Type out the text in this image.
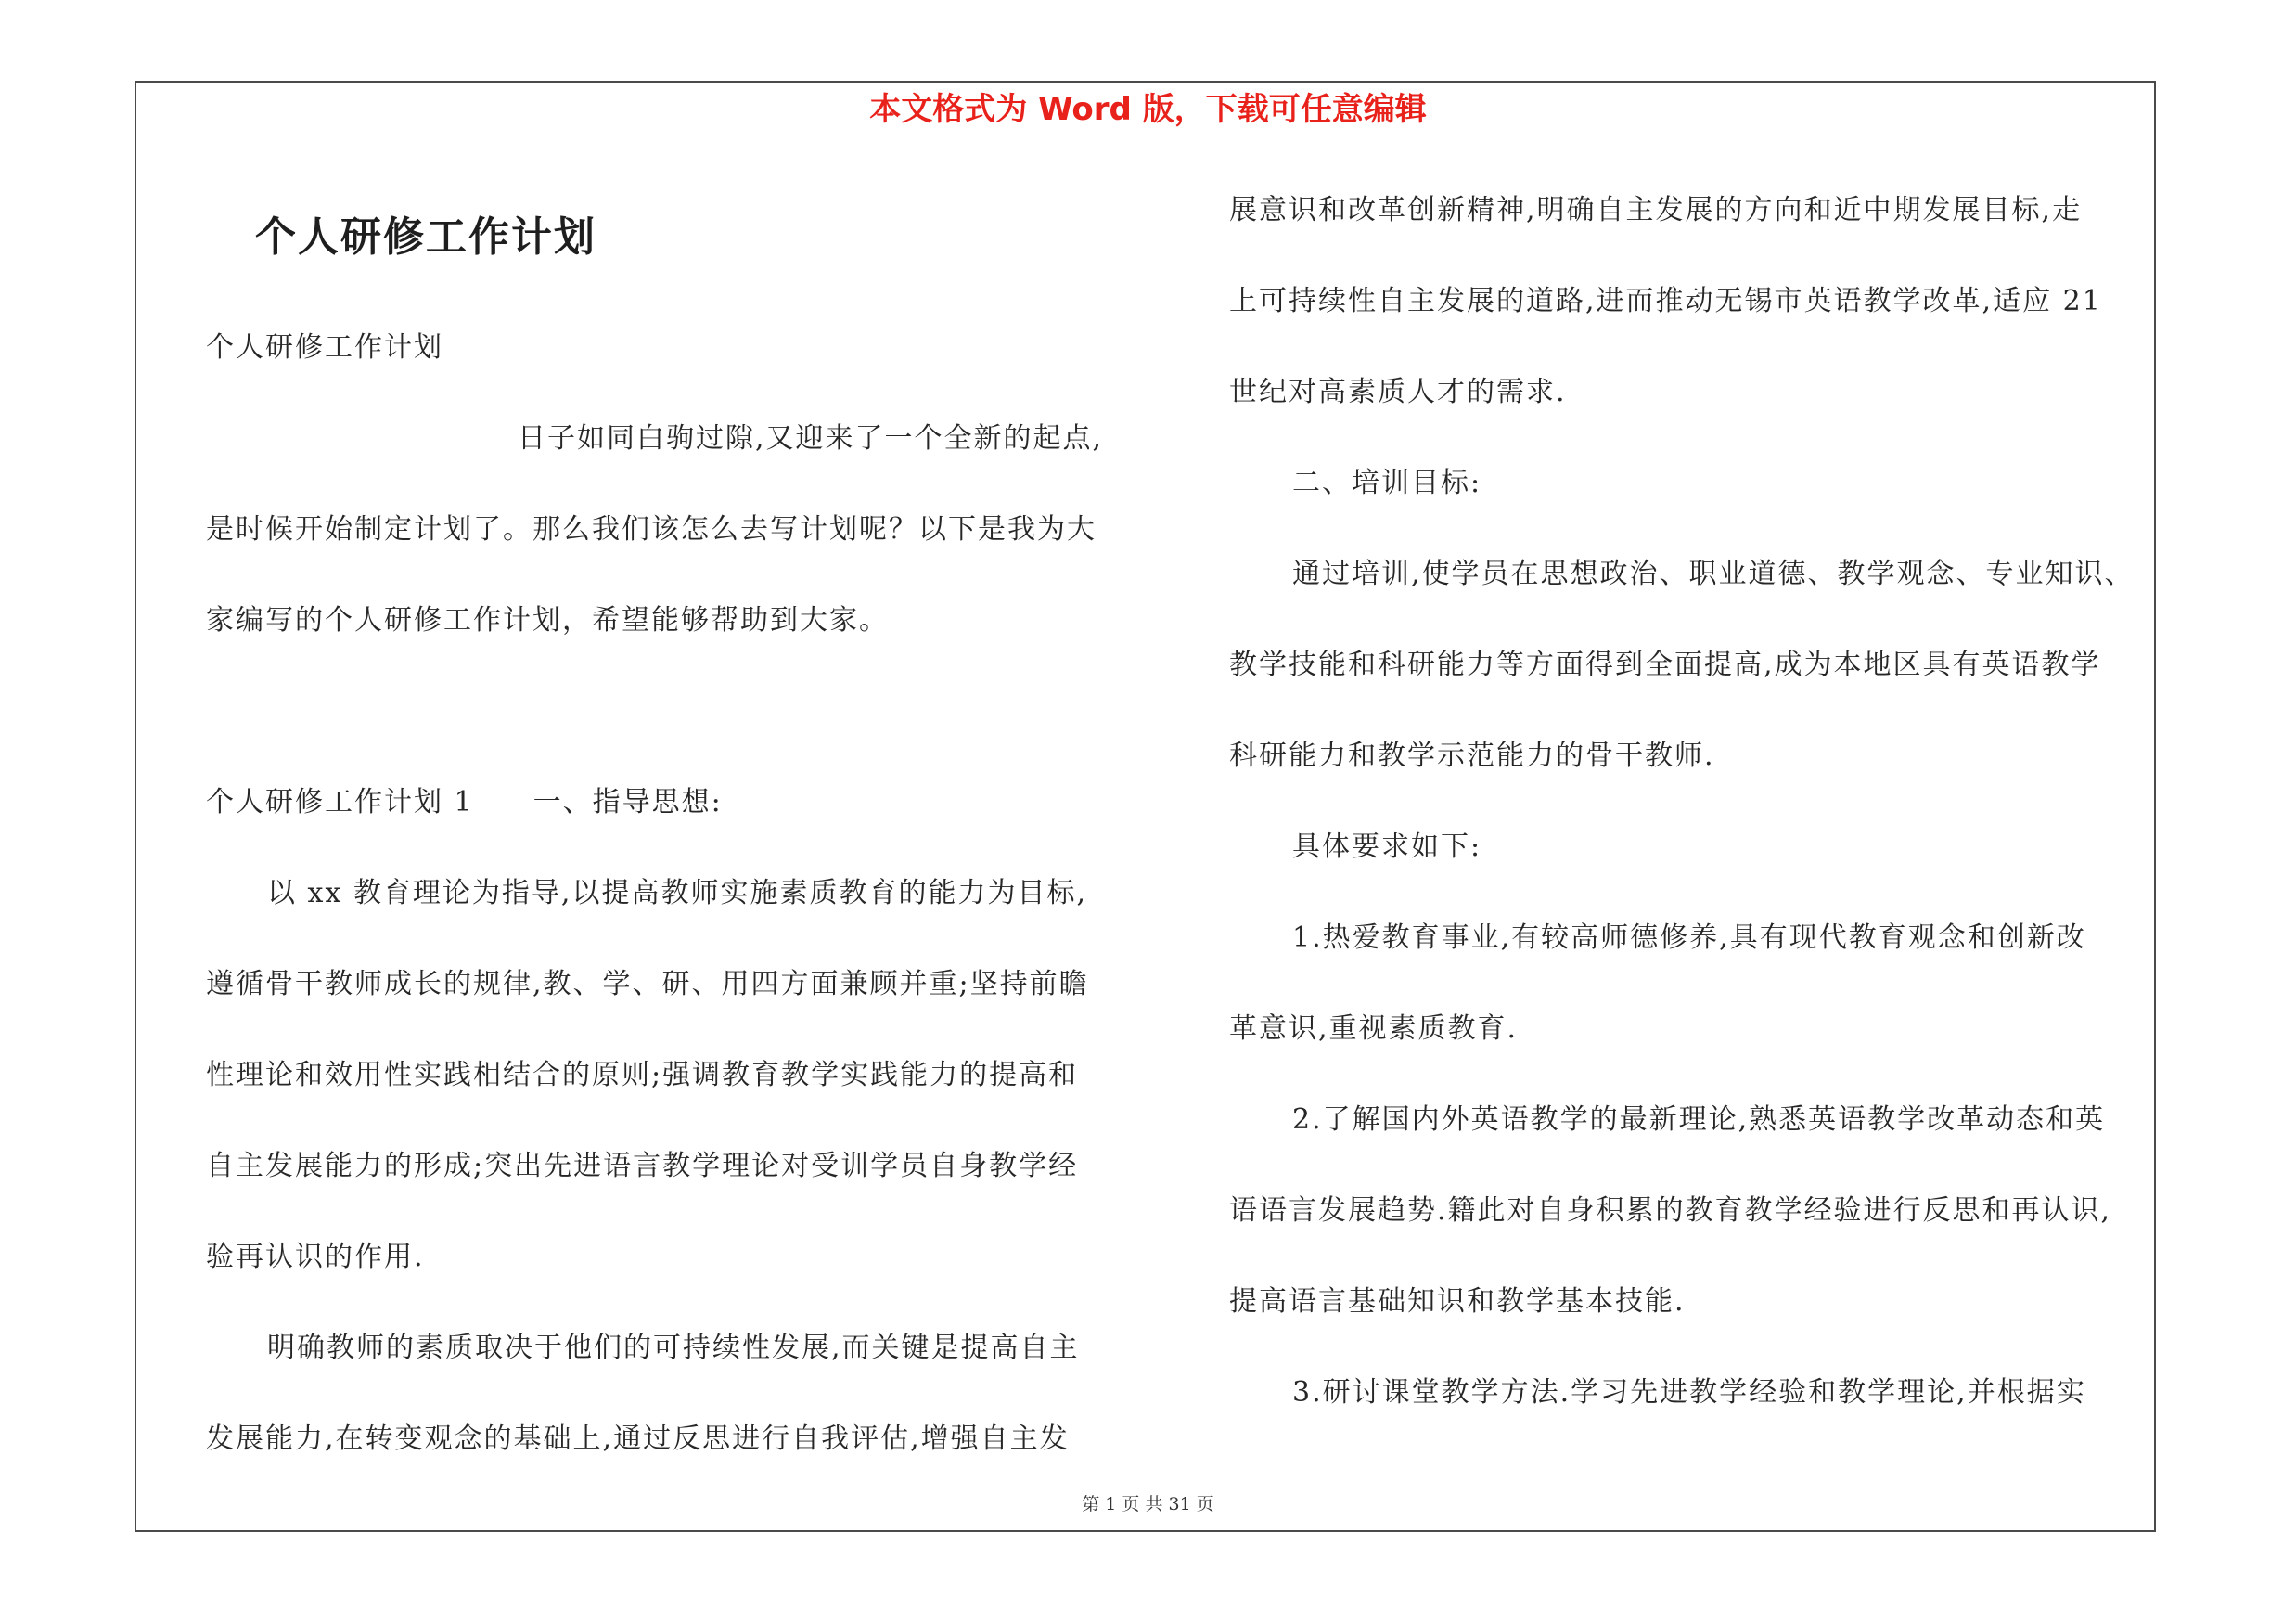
本文格式为 Word 版，下载可任意编辑
个人研修工作计划
个人研修工作计划
日子如同白驹过隙,又迎来了一个全新的起点,
是时候开始制定计划了。那么我们该怎么去写计划呢？以下是我为大
家编写的个人研修工作计划，希望能够帮助到大家。
个人研修工作计划 1　　一、指导思想:
以 xx 教育理论为指导,以提高教师实施素质教育的能力为目标,
遵循骨干教师成长的规律,教、学、研、用四方面兼顾并重;坚持前瞻
性理论和效用性实践相结合的原则;强调教育教学实践能力的提高和
自主发展能力的形成;突出先进语言教学理论对受训学员自身教学经
验再认识的作用.
明确教师的素质取决于他们的可持续性发展,而关键是提高自主
发展能力,在转变观念的基础上,通过反思进行自我评估,增强自主发
展意识和改革创新精神,明确自主发展的方向和近中期发展目标,走
上可持续性自主发展的道路,进而推动无锡市英语教学改革,适应 21
世纪对高素质人才的需求.
二、培训目标:
通过培训,使学员在思想政治、职业道德、教学观念、专业知识、
教学技能和科研能力等方面得到全面提高,成为本地区具有英语教学
科研能力和教学示范能力的骨干教师.
具体要求如下:
1.热爱教育事业,有较高师德修养,具有现代教育观念和创新改
革意识,重视素质教育.
2.了解国内外英语教学的最新理论,熟悉英语教学改革动态和英
语语言发展趋势.籍此对自身积累的教育教学经验进行反思和再认识,
提高语言基础知识和教学基本技能.
3.研讨课堂教学方法.学习先进教学经验和教学理论,并根据实
第 1 页 共 31 页
